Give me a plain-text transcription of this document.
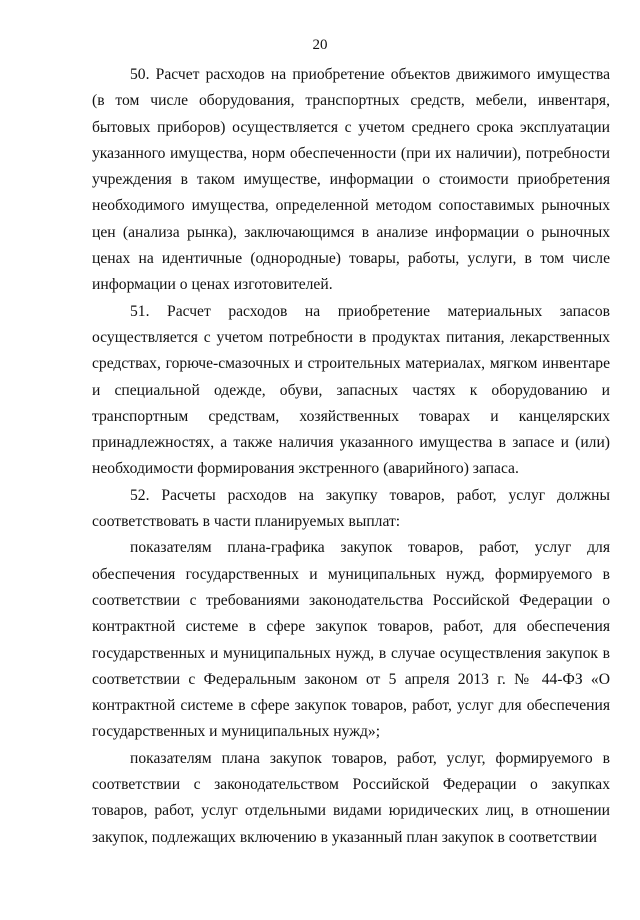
20

50. Расчет расходов на приобретение объектов движимого имущества (в том числе оборудования, транспортных средств, мебели, инвентаря, бытовых приборов) осуществляется с учетом среднего срока эксплуатации указанного имущества, норм обеспеченности (при их наличии), потребности учреждения в таком имуществе, информации о стоимости приобретения необходимого имущества, определенной методом сопоставимых рыночных цен (анализа рынка), заключающимся в анализе информации о рыночных ценах на идентичные (однородные) товары, работы, услуги, в том числе информации о ценах изготовителей.

51. Расчет расходов на приобретение материальных запасов осуществляется с учетом потребности в продуктах питания, лекарственных средствах, горюче-смазочных и строительных материалах, мягком инвентаре и специальной одежде, обуви, запасных частях к оборудованию и транспортным средствам, хозяйственных товарах и канцелярских принадлежностях, а также наличия указанного имущества в запасе и (или) необходимости формирования экстренного (аварийного) запаса.

52. Расчеты расходов на закупку товаров, работ, услуг должны соответствовать в части планируемых выплат:

показателям плана-графика закупок товаров, работ, услуг для обеспечения государственных и муниципальных нужд, формируемого в соответствии с требованиями законодательства Российской Федерации о контрактной системе в сфере закупок товаров, работ, для обеспечения государственных и муниципальных нужд, в случае осуществления закупок в соответствии с Федеральным законом от 5 апреля 2013 г. № 44-ФЗ «О контрактной системе в сфере закупок товаров, работ, услуг для обеспечения государственных и муниципальных нужд»;

показателям плана закупок товаров, работ, услуг, формируемого в соответствии с законодательством Российской Федерации о закупках товаров, работ, услуг отдельными видами юридических лиц, в отношении закупок, подлежащих включению в указанный план закупок в соответствии
